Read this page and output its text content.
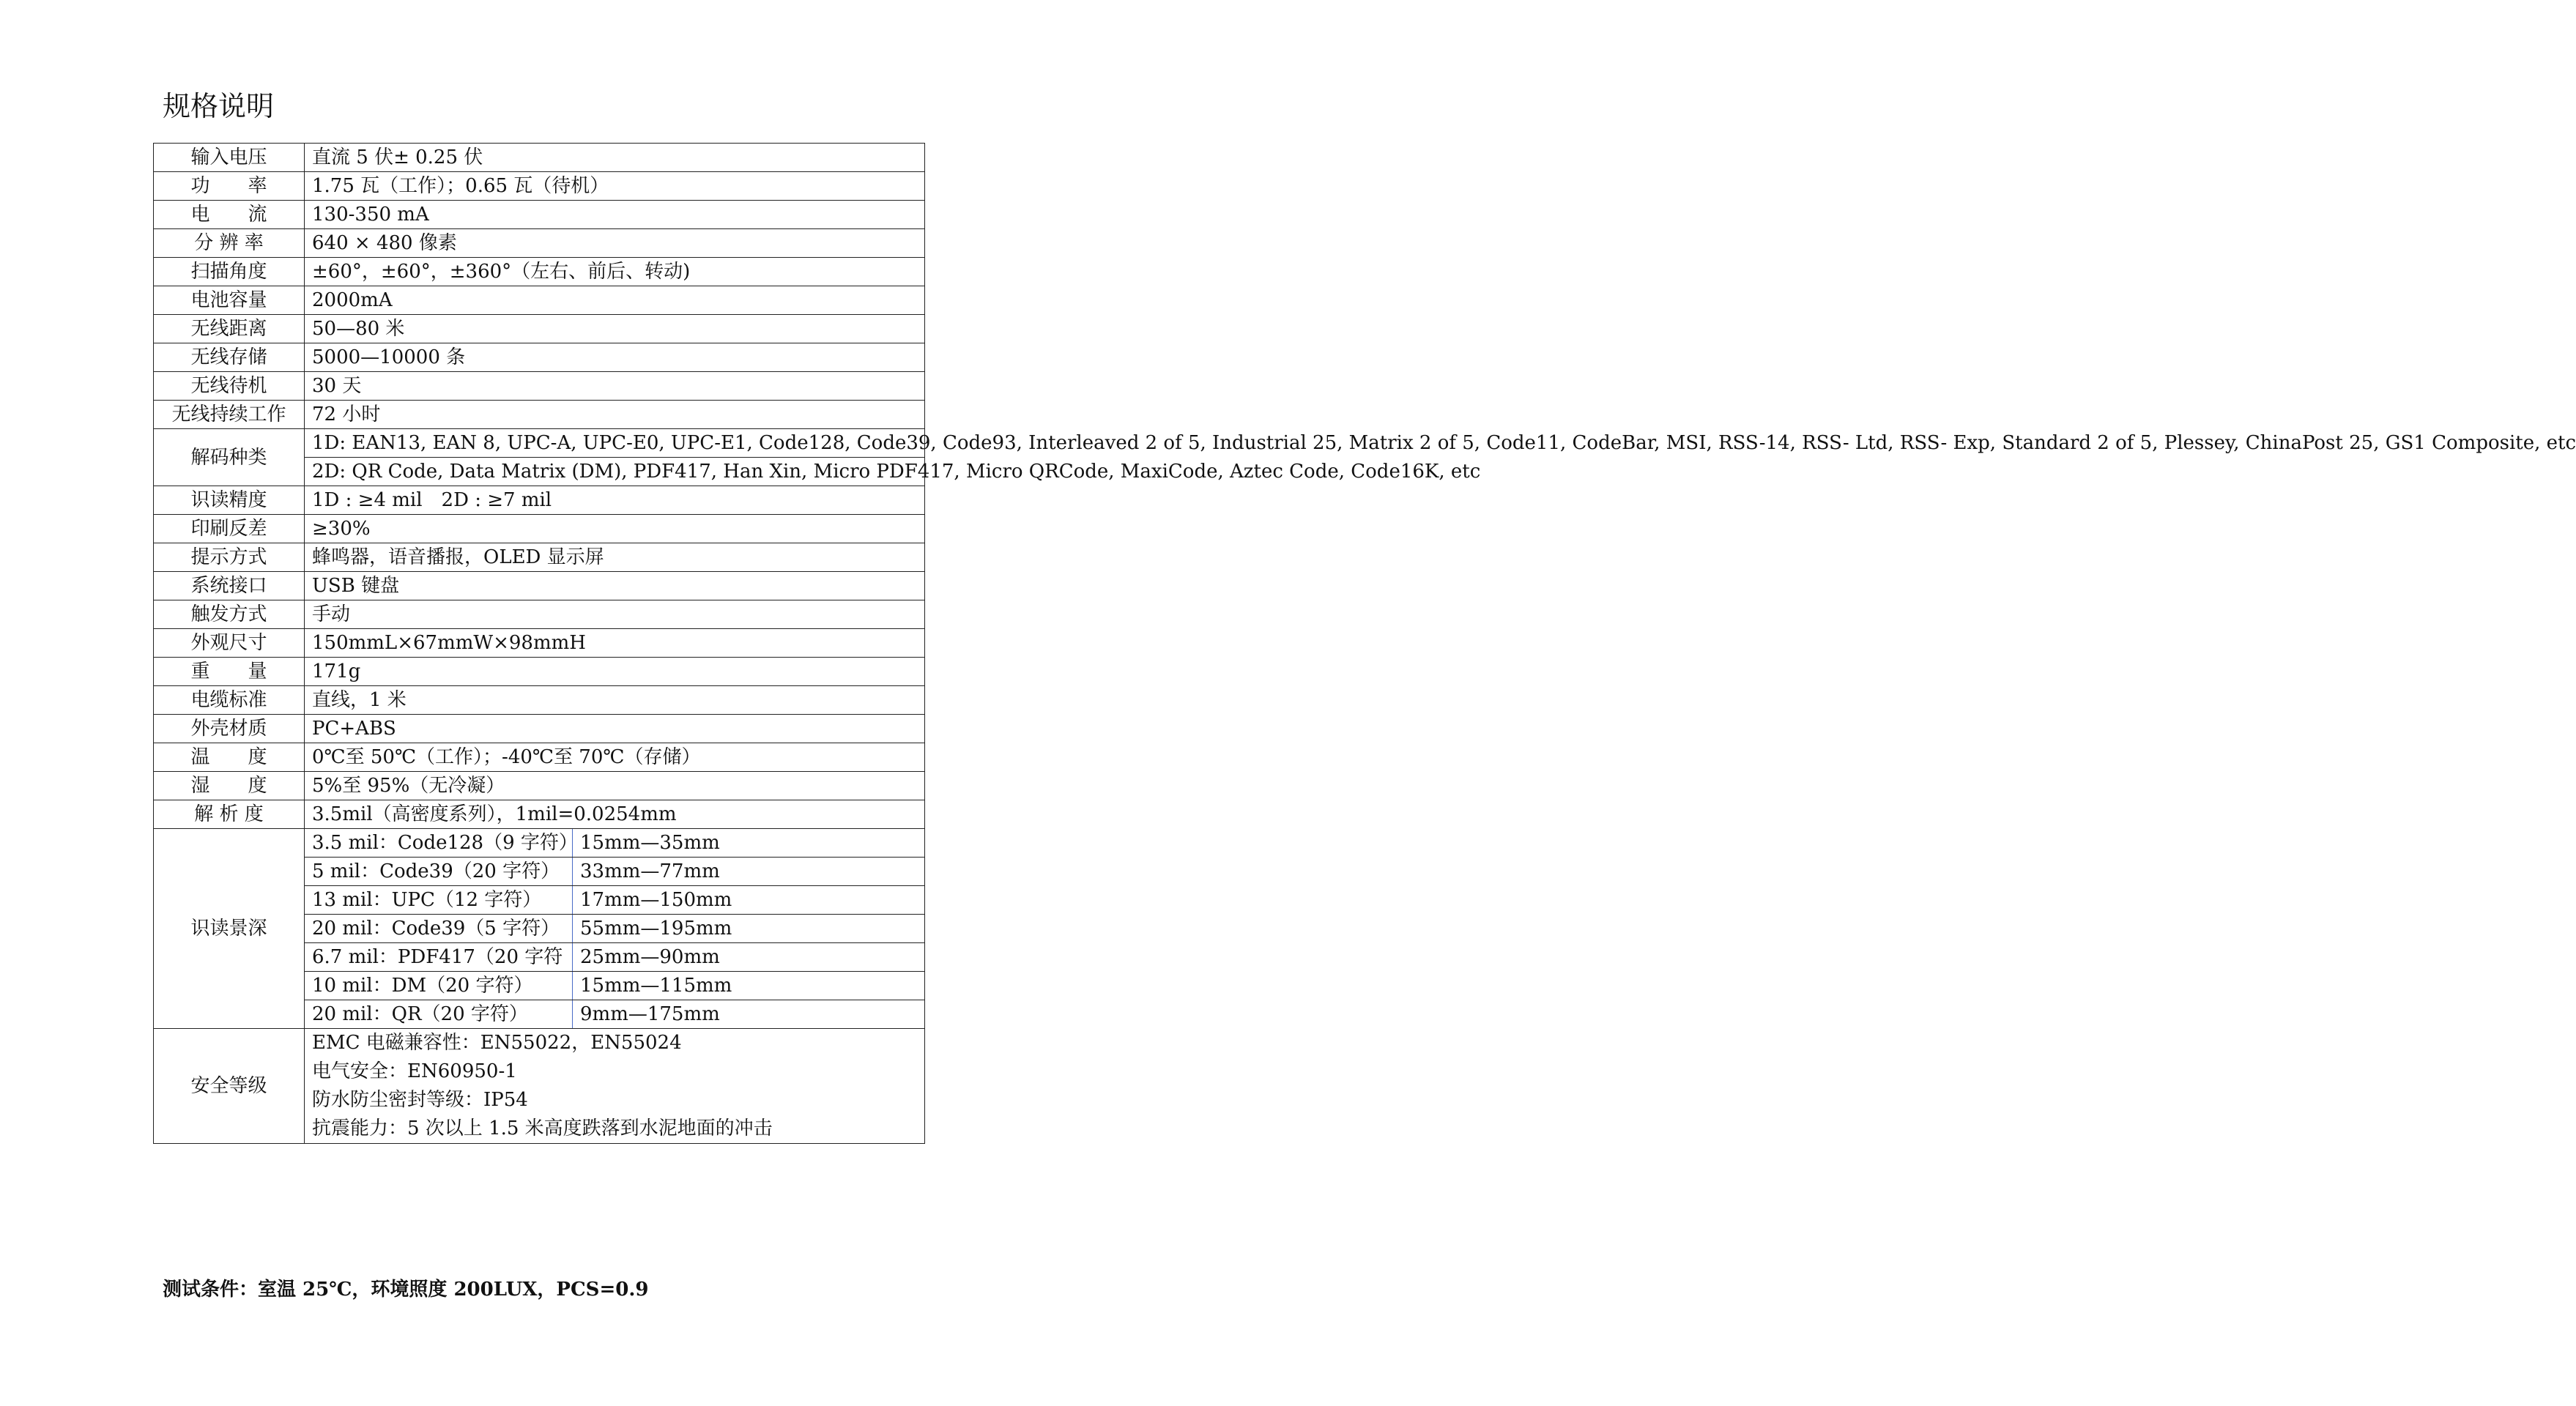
规格说明
输入电压	直流 5 伏± 0.25 伏
功　　率	1.75 瓦（工作）；0.65 瓦（待机）
电　　流	130-350 mA
分 辨 率	640 × 480 像素
扫描角度	±60°，±60°，±360°（左右、前后、转动)
电池容量	2000mA
无线距离	50—80 米
无线存储	5000—10000 条
无线待机	30 天
无线持续工作	72 小时
解码种类	1D: EAN13, EAN 8, UPC-A, UPC-E0, UPC-E1, Code128, Code39, Code93, Interleaved 2 of 5, Industrial 25, Matrix 2 of 5, Code11, CodeBar, MSI, RSS-14, RSS- Ltd, RSS- Exp, Standard 2 of 5, Plessey, ChinaPost 25, GS1 Composite, etc
2D: QR Code, Data Matrix (DM), PDF417, Han Xin, Micro PDF417, Micro QRCode, MaxiCode, Aztec Code, Code16K, etc
识读精度	1D : ≥4 mil　2D : ≥7 mil
印刷反差	≥30%
提示方式	蜂鸣器，语音播报，OLED 显示屏
系统接口	USB 键盘
触发方式	手动
外观尺寸	150mmL×67mmW×98mmH
重　　量	171g
电缆标准	直线，1 米
外壳材质	PC+ABS
温　　度	0℃至 50℃（工作）；-40℃至 70℃（存储）
湿　　度	5%至 95%（无冷凝）
解 析 度	3.5mil（高密度系列），1mil=0.0254mm
识读景深	
3.5 mil：Code128（9 字符）	15mm—35mm
5 mil：Code39（20 字符）	33mm—77mm
13 mil：UPC（12 字符）	17mm—150mm
20 mil：Code39（5 字符）	55mm—195mm
6.7 mil：PDF417（20 字符	25mm—90mm
10 mil：DM（20 字符）	15mm—115mm
20 mil：QR（20 字符）	9mm—175mm

安全等级	
EMC 电磁兼容性：EN55022，EN55024
电气安全：EN60950-1
防水防尘密封等级：IP54
抗震能力：5 次以上 1.5 米高度跌落到水泥地面的冲击
测试条件：室温 25℃，环境照度 200LUX，PCS=0.9
